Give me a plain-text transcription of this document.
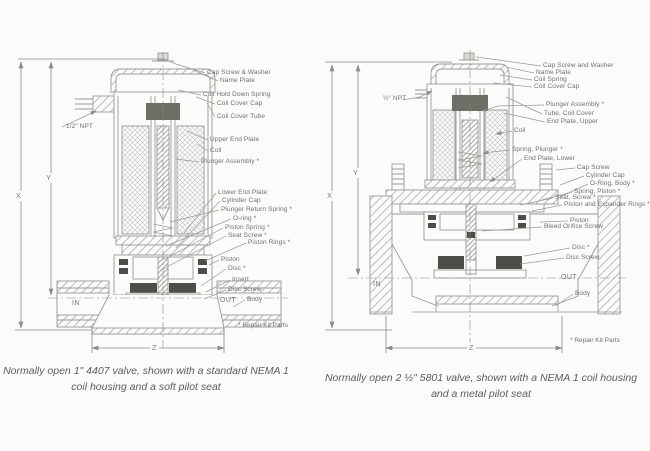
Cap Screw & Washer
Name Plate
Coil Hold Down Spring
Coil Cover Cap
Coil Cover Tube
Upper End Plate
Coil
Plunger Assembly *
Lower End Plate
Cylinder Cap
Plunger Return Spring *
O-ring *
Piston Spring *
Seat Screw *
Piston Rings *
Piston
Disc *
Insert
Disc Screw
Body
1/2" NPT
IN	OUT
X
Y
Z
* Repair Kit Parts
Normally open 1" 4407 valve, shown with a standard NEMA 1 coil housing and a soft pilot seat
Cap Screw and Washer
Name Plate
Coil Spring
Coil Cover Cap
Plunger Assembly *
Tube, Coil Cover
End Plate, Upper
Coil
Spring, Plunger *
End Plate, Lower
Cap Screw
Cylinder Cap
O-Ring, Body *
Spring, Piston *
Seat, Screw *
Piston and Expander Rings *
Piston
Bleed Orifice Screw
Disc *
Disc Screw
Body
½" NPT
IN
OUT
X
Y
Z
* Repair Kit Parts
Normally open 2 ½" 5801 valve, shown with a NEMA 1 coil housing and a metal pilot seat
